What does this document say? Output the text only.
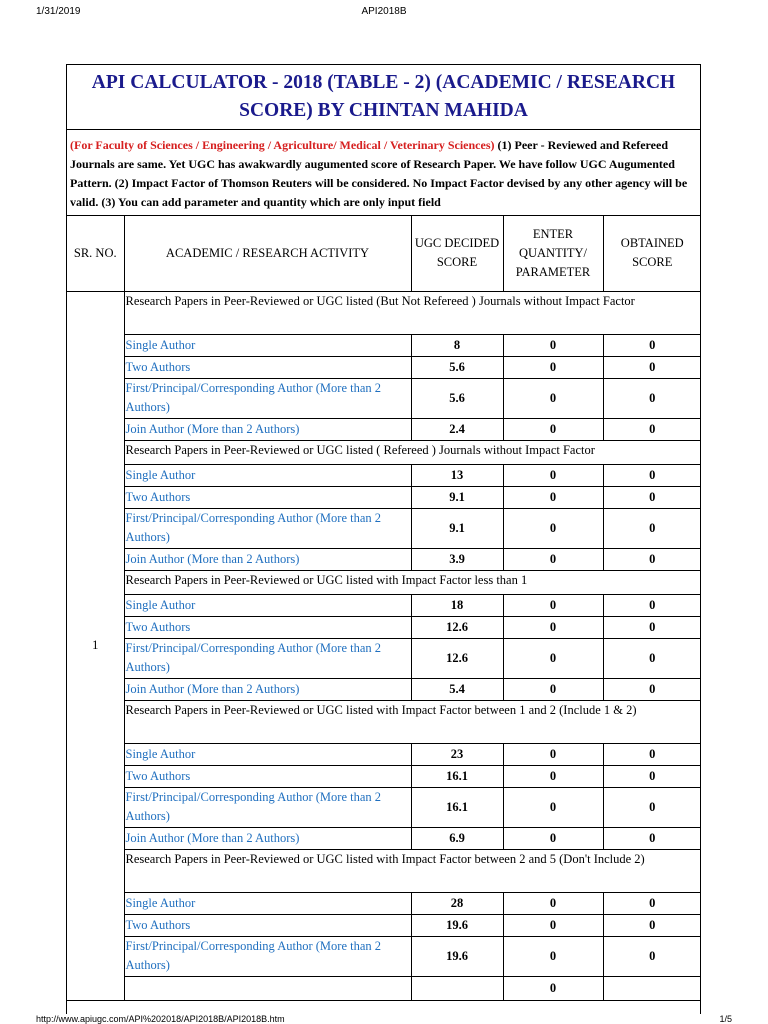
1/31/2019	API2018B
API CALCULATOR - 2018 (TABLE - 2) (ACADEMIC / RESEARCH SCORE) BY CHINTAN MAHIDA
(For Faculty of Sciences / Engineering / Agriculture/ Medical / Veterinary Sciences) (1) Peer - Reviewed and Refereed Journals are same. Yet UGC has awakwardly augumented score of Research Paper. We have follow UGC Augumented Pattern. (2) Impact Factor of Thomson Reuters will be considered. No Impact Factor devised by any other agency will be valid. (3) You can add parameter and quantity which are only input field
SR. NO.	ACADEMIC / RESEARCH ACTIVITY	UGC DECIDED SCORE	ENTER QUANTITY/ PARAMETER	OBTAINED SCORE
1	Research Papers in Peer-Reviewed or UGC listed (But Not Refereed ) Journals without Impact Factor			
	Single Author	8	0	0
	Two Authors	5.6	0	0
	First/Principal/Corresponding Author (More than 2 Authors)	5.6	0	0
	Join Author (More than 2 Authors)	2.4	0	0
	Research Papers in Peer-Reviewed or UGC listed ( Refereed ) Journals without Impact Factor			
	Single Author	13	0	0
	Two Authors	9.1	0	0
	First/Principal/Corresponding Author (More than 2 Authors)	9.1	0	0
	Join Author (More than 2 Authors)	3.9	0	0
	Research Papers in Peer-Reviewed or UGC listed with Impact Factor less than 1			
	Single Author	18	0	0
	Two Authors	12.6	0	0
	First/Principal/Corresponding Author (More than 2 Authors)	12.6	0	0
	Join Author (More than 2 Authors)	5.4	0	0
	Research Papers in Peer-Reviewed or UGC listed with Impact Factor between 1 and 2 (Include 1 & 2)			
	Single Author	23	0	0
	Two Authors	16.1	0	0
	First/Principal/Corresponding Author (More than 2 Authors)	16.1	0	0
	Join Author (More than 2 Authors)	6.9	0	0
	Research Papers in Peer-Reviewed or UGC listed with Impact Factor between 2 and 5 (Don't Include 2)			
	Single Author	28	0	0
	Two Authors	19.6	0	0
	First/Principal/Corresponding Author (More than 2 Authors)	19.6	0	0
			0	
http://www.apiugc.com/API%202018/API2018B/API2018B.htm	1/5
